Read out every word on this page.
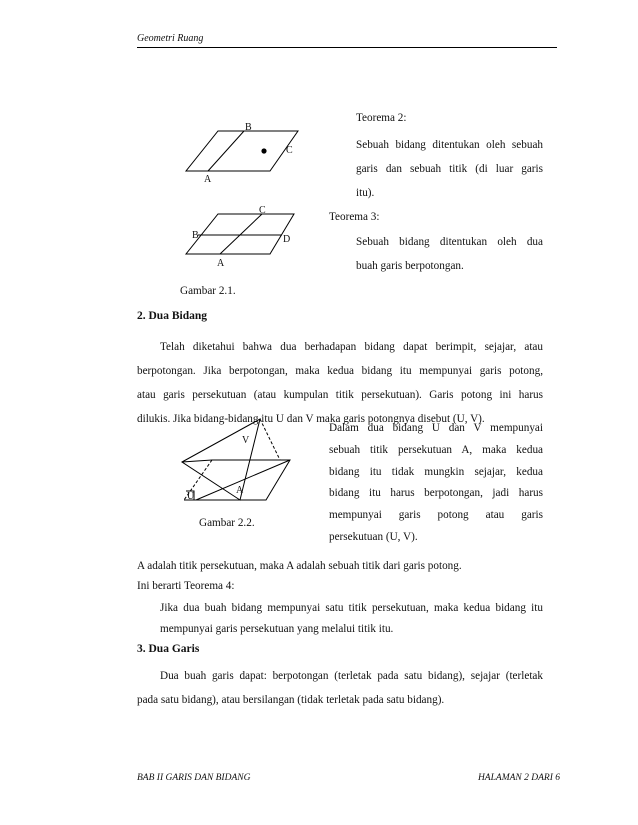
Geometri Ruang
B
C
A
C
B	D
A
Gambar 2.1.
Teorema 2:
Sebuah bidang ditentukan oleh sebuah
garis dan sebuah titik (di luar garis
itu).
Teorema 3:
Sebuah bidang ditentukan oleh dua
buah garis berpotongan.
2. Dua Bidang
Telah diketahui bahwa dua berhadapan bidang dapat berimpit, sejajar, atau
berpotongan. Jika berpotongan, maka kedua bidang itu mempunyai garis potong,
atau garis persekutuan (atau kumpulan titik persekutuan). Garis potong ini harus
dilukis. Jika bidang-bidang itu U dan V maka garis potongnya disebut (U, V).
Dalam dua bidang U dan V mempunyai
sebuah titik persekutuan A, maka kedua
bidang itu tidak mungkin sejajar, kedua
bidang itu harus berpotongan, jadi harus
mempunyai garis potong atau garis
persekutuan (U, V).
V
U
A
Gambar 2.2.
A adalah titik persekutuan, maka A adalah sebuah titik dari garis potong.
Ini berarti Teorema 4:
Jika dua buah bidang mempunyai satu titik persekutuan, maka kedua bidang itu
mempunyai garis persekutuan yang melalui titik itu.
3. Dua Garis
Dua buah garis dapat: berpotongan (terletak pada satu bidang), sejajar (terletak
pada satu bidang), atau bersilangan (tidak terletak pada satu bidang).
BAB II GARIS DAN BIDANG	HALAMAN 2 DARI 6
